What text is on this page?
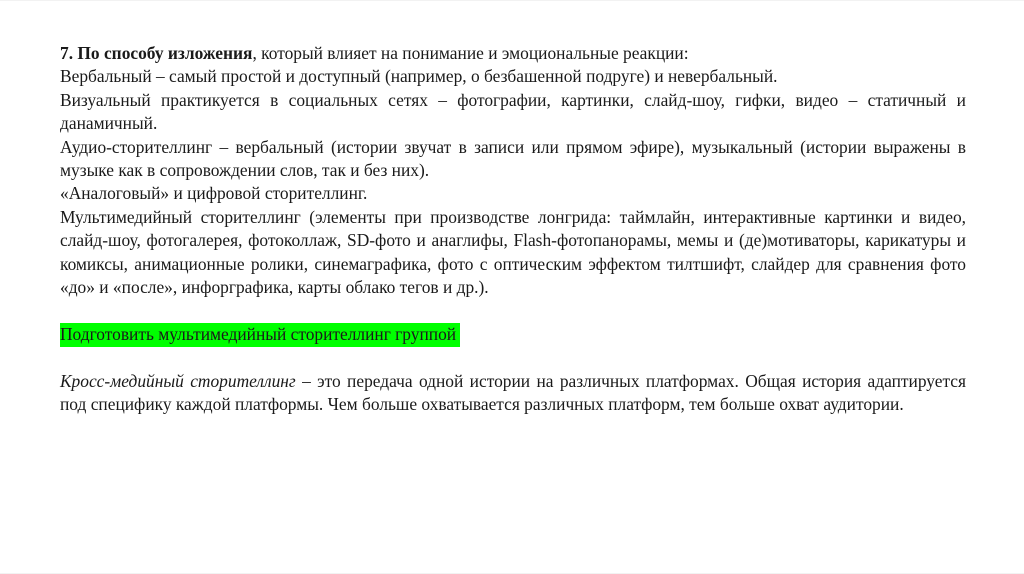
7. По способу изложения, который влияет на понимание и эмоциональные реакции:

Вербальный – самый простой и доступный (например, о безбашенной подруге) и невербальный.

Визуальный практикуется в социальных сетях – фотографии, картинки, слайд-шоу, гифки, видео – статичный и данамичный.

Аудио-сторителлинг – вербальный (истории звучат в записи или прямом эфире), музыкальный (истории выражены в музыке как в сопровождении слов, так и без них).

«Аналоговый» и цифровой сторителлинг.

Мультимедийный сторителлинг (элементы при производстве лонгрида: таймлайн, интерактивные картинки и видео, слайд-шоу, фотогалерея, фотоколлаж, SD-фото и анаглифы, Flash-фотопанорамы, мемы и (де)мотиваторы, карикатуры и комиксы, анимационные ролики, синемаграфика, фото с оптическим эффектом тилтшифт, слайдер для сравнения фото «до» и «после», инфорграфика, карты облако тегов и др.).

Подготовить мультимедийный сторителлинг группой

Кросс-медийный сторителлинг – это передача одной истории на различных платформах. Общая история адаптируется под специфику каждой платформы. Чем больше охватывается различных платформ, тем больше охват аудитории.
